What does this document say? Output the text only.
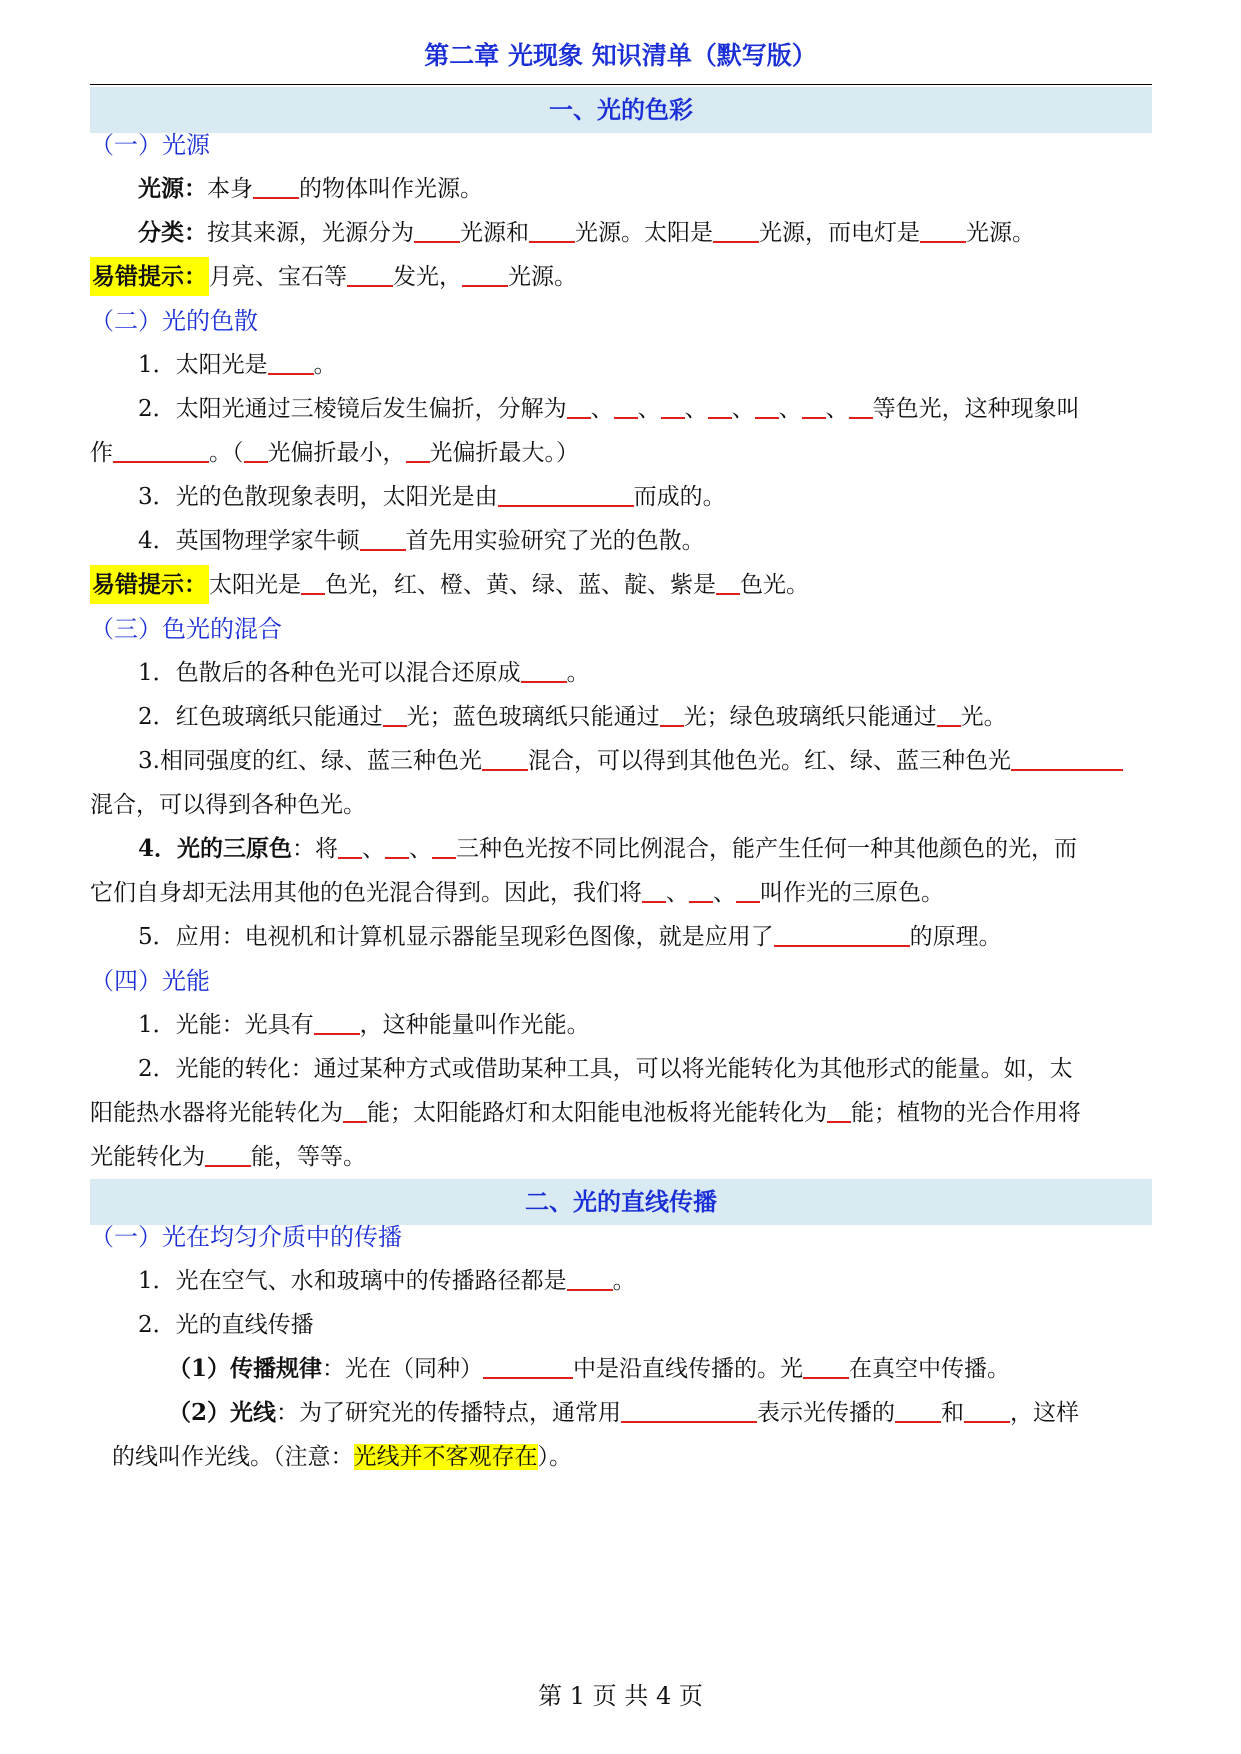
第二章 光现象 知识清单（默写版）
一、光的色彩
（一）光源
光源：本身 的物体叫作光源。
分类：按其来源，光源分为 光源和 光源。太阳是 光源，而电灯是 光源。
易错提示：月亮、宝石等 发光， 光源。
（二）光的色散
1．太阳光是 。
2．太阳光通过三棱镜后发生偏折，分解为 、 、 、 、 、 、 等色光，这种现象叫
作	。（ 光偏折最小， 光偏折最大。）
3．光的色散现象表明，太阳光是由	而成的。
4．英国物理学家牛顿 首先用实验研究了光的色散。
易错提示：太阳光是 色光，红、橙、黄、绿、蓝、靛、紫是 色光。
（三）色光的混合
1．色散后的各种色光可以混合还原成 。
2．红色玻璃纸只能通过 光；蓝色玻璃纸只能通过 光；绿色玻璃纸只能通过 光。
3.相同强度的红、绿、蓝三种色光 混合，可以得到其他色光。红、绿、蓝三种色光
混合，可以得到各种色光。
4．光的三原色：将 、 、 三种色光按不同比例混合，能产生任何一种其他颜色的光，而
它们自身却无法用其他的色光混合得到。因此，我们将 、 、 叫作光的三原色。
5．应用：电视机和计算机显示器能呈现彩色图像，就是应用了	的原理。
（四）光能
1．光能：光具有 ，这种能量叫作光能。
2．光能的转化：通过某种方式或借助某种工具，可以将光能转化为其他形式的能量。如，太
阳能热水器将光能转化为 能；太阳能路灯和太阳能电池板将光能转化为 能；植物的光合作用将
光能转化为 能，等等。
二、光的直线传播
（一）光在均匀介质中的传播
1．光在空气、水和玻璃中的传播路径都是 。
2．光的直线传播
（1）传播规律：光在（同种）	中是沿直线传播的。光 在真空中传播。
（2）光线：为了研究光的传播特点，通常用	表示光传播的 和 ，这样
的线叫作光线。（注意：光线并不客观存在）。
第 1 页 共 4 页
